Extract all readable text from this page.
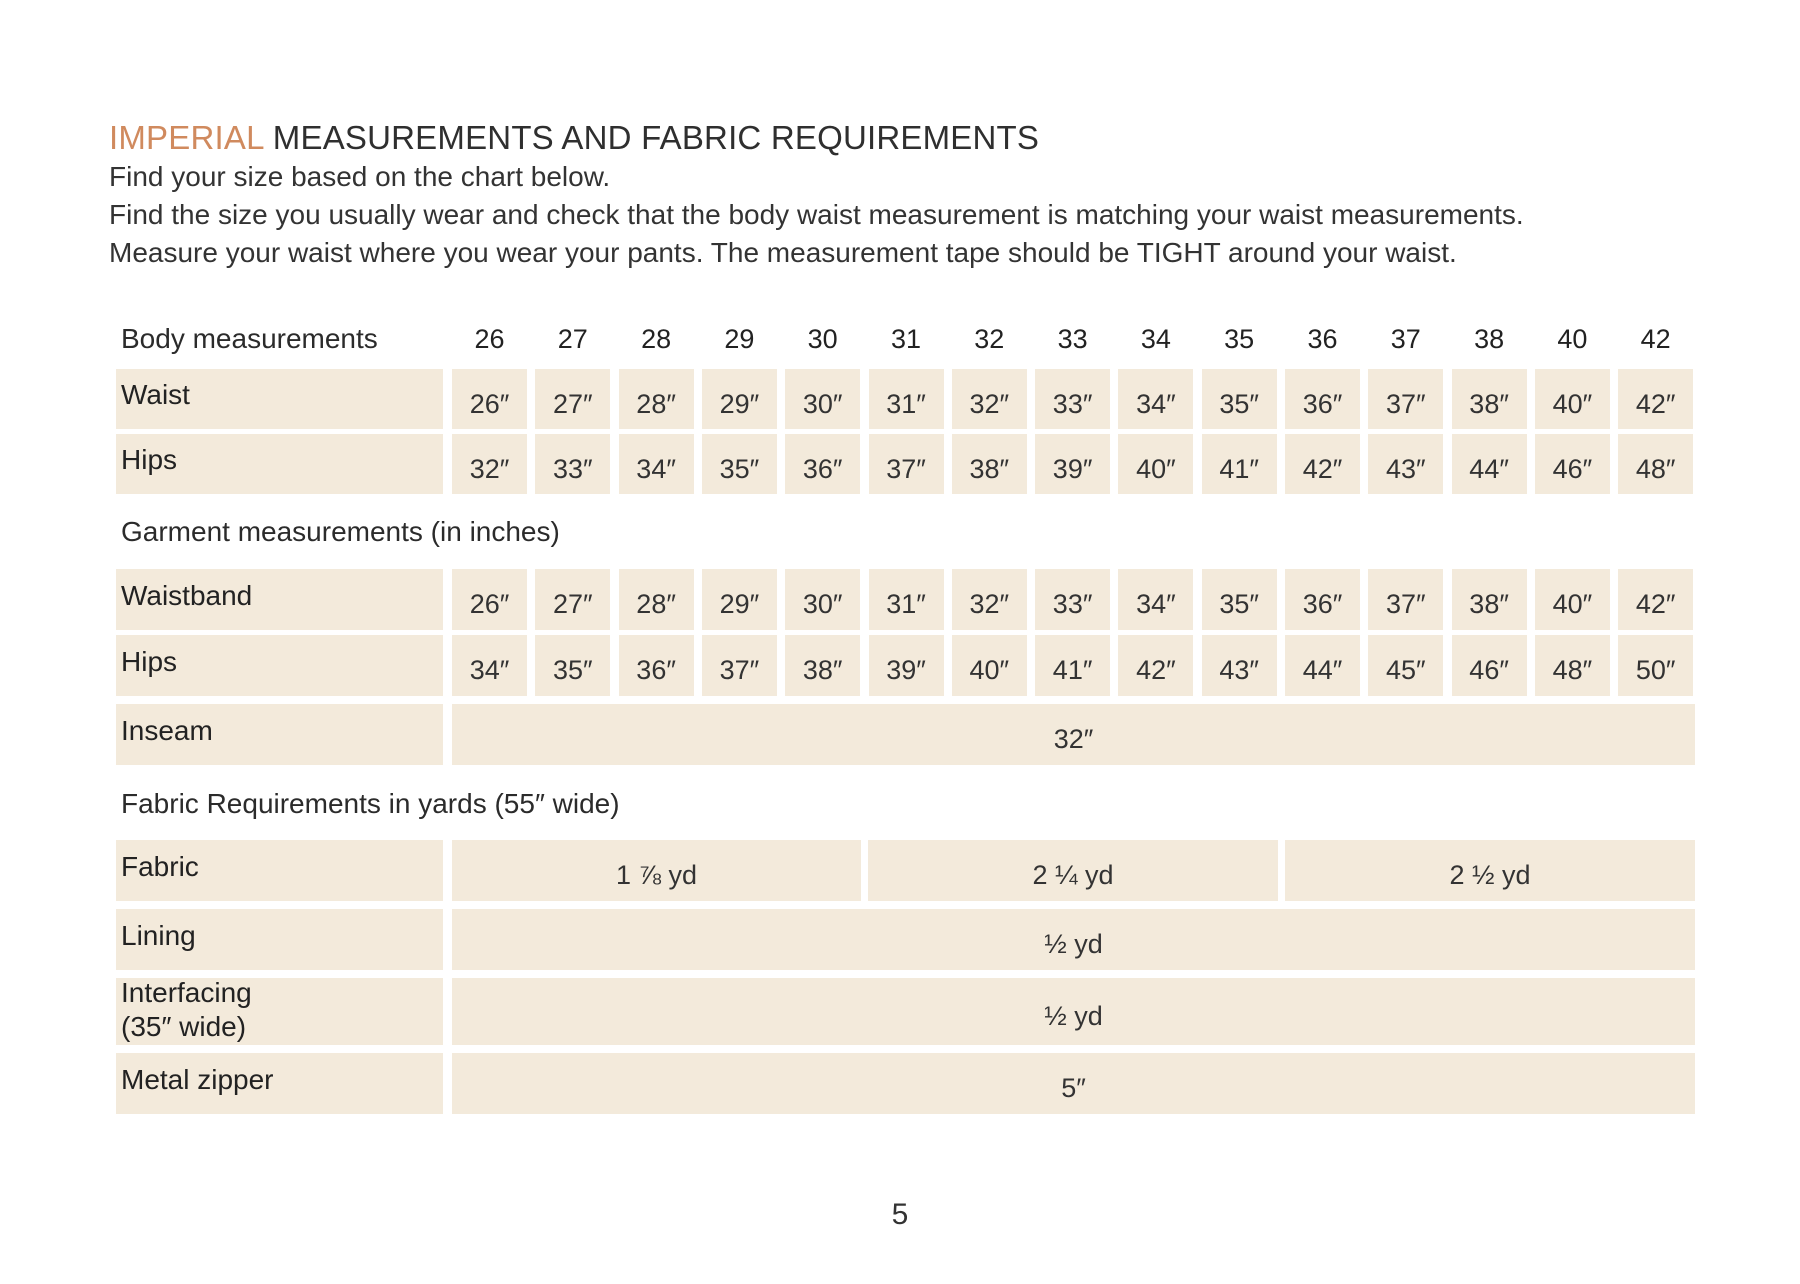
IMPERIAL MEASUREMENTS AND FABRIC REQUIREMENTS
Find your size based on the chart below.
Find the size you usually wear and check that the body waist measurement is matching your waist measurements.
Measure your waist where you wear your pants. The measurement tape should be TIGHT around your waist.
Body measurements	26	27	28	29	30	31	32	33	34	35	36	37	38	40	42
Waist	26″	27″	28″	29″	30″	31″	32″	33″	34″	35″	36″	37″	38″	40″	42″
Hips	32″	33″	34″	35″	36″	37″	38″	39″	40″	41″	42″	43″	44″	46″	48″
Garment measurements (in inches)
Waistband	26″	27″	28″	29″	30″	31″	32″	33″	34″	35″	36″	37″	38″	40″	42″
Hips	34″	35″	36″	37″	38″	39″	40″	41″	42″	43″	44″	45″	46″	48″	50″
Inseam	32″
Fabric Requirements in yards (55″ wide)
Fabric	1 ⅞ yd	2 ¼ yd	2 ½ yd
Lining	½ yd
Interfacing
(35″ wide)	½ yd
Metal zipper	5″
5
